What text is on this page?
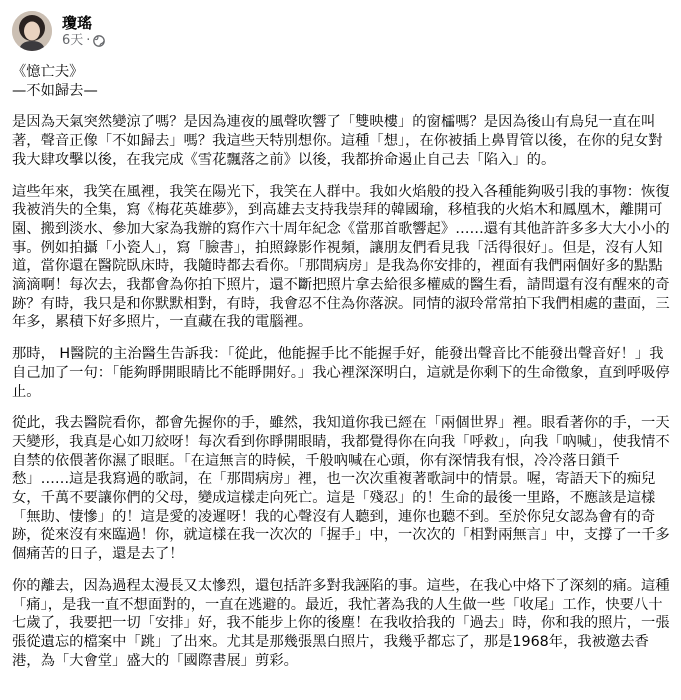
瓊瑤
6天 ·

《憶亡夫》

—不如歸去—

是因為天氣突然變涼了嗎？是因為連夜的風聲吹響了「雙映樓」的窗櫺嗎？是因為後山有鳥兒一直在叫著，聲音正像「不如歸去」嗎？我這些天特別想你。這種「想」，在你被插上鼻胃管以後，在你的兒女對我大肆攻擊以後，在我完成《雪花飄落之前》以後，我都拚命遏止自己去「陷入」的。

這些年來，我笑在風裡，我笑在陽光下，我笑在人群中。我如火焰般的投入各種能夠吸引我的事物：恢復我被消失的全集，寫《梅花英雄夢》，到高雄去支持我崇拜的韓國瑜，移植我的火焰木和鳳凰木，離開可園、搬到淡水、參加大家為我辦的寫作六十周年紀念《當那首歌響起》……還有其他許許多多大大小小的事。例如拍攝「小瓷人」，寫「臉書」，拍照錄影作視頻，讓朋友們看見我「活得很好」。但是，沒有人知道，當你還在醫院臥床時，我隨時都去看你。「那間病房」是我為你安排的，裡面有我們兩個好多的點點滴滴啊！每次去，我都會為你拍下照片，還不斷把照片拿去給很多權威的醫生看，請問還有沒有醒來的奇跡？有時，我只是和你默默相對，有時，我會忍不住為你落淚。同情的淑玲常常拍下我們相處的畫面，三年多，累積下好多照片，一直藏在我的電腦裡。

那時， H醫院的主治醫生告訴我：「從此，他能握手比不能握手好，能發出聲音比不能發出聲音好！」我自己加了一句：「能夠睜開眼睛比不能睜開好。」我心裡深深明白，這就是你剩下的生命徵象，直到呼吸停止。

從此，我去醫院看你，都會先握你的手，雖然，我知道你我已經在「兩個世界」裡。眼看著你的手，一天天變形，我真是心如刀絞呀！每次看到你睜開眼睛，我都覺得你在向我「呼救」，向我「吶喊」，使我情不自禁的依偎著你濕了眼眶。「在這無言的時候，千般吶喊在心頭，你有深情我有恨，冷冷落日鎖千愁」……這是我寫過的歌詞，在「那間病房」裡，也一次次重複著歌詞中的情景。喔，寄語天下的痴兒女，千萬不要讓你們的父母，變成這樣走向死亡。這是「殘忍」的！生命的最後一里路，不應該是這樣「無助、悽慘」的！這是愛的凌遲呀！我的心聲沒有人聽到，連你也聽不到。至於你兒女認為會有的奇跡，從來沒有來臨過！你，就這樣在我一次次的「握手」中，一次次的「相對兩無言」中，支撐了一千多個痛苦的日子，還是去了！

你的離去，因為過程太漫長又太慘烈，還包括許多對我誣陷的事。這些，在我心中烙下了深刻的痛。這種「痛」，是我一直不想面對的，一直在逃避的。最近，我忙著為我的人生做一些「收尾」工作，快要八十七歲了，我要把一切「安排」好，我不能步上你的後塵！在我收拾我的「過去」時，你和我的照片，一張張從遺忘的檔案中「跳」了出來。尤其是那幾張黑白照片，我幾乎都忘了，那是1968年，我被邀去香港，為「大會堂」盛大的「國際書展」剪彩。
